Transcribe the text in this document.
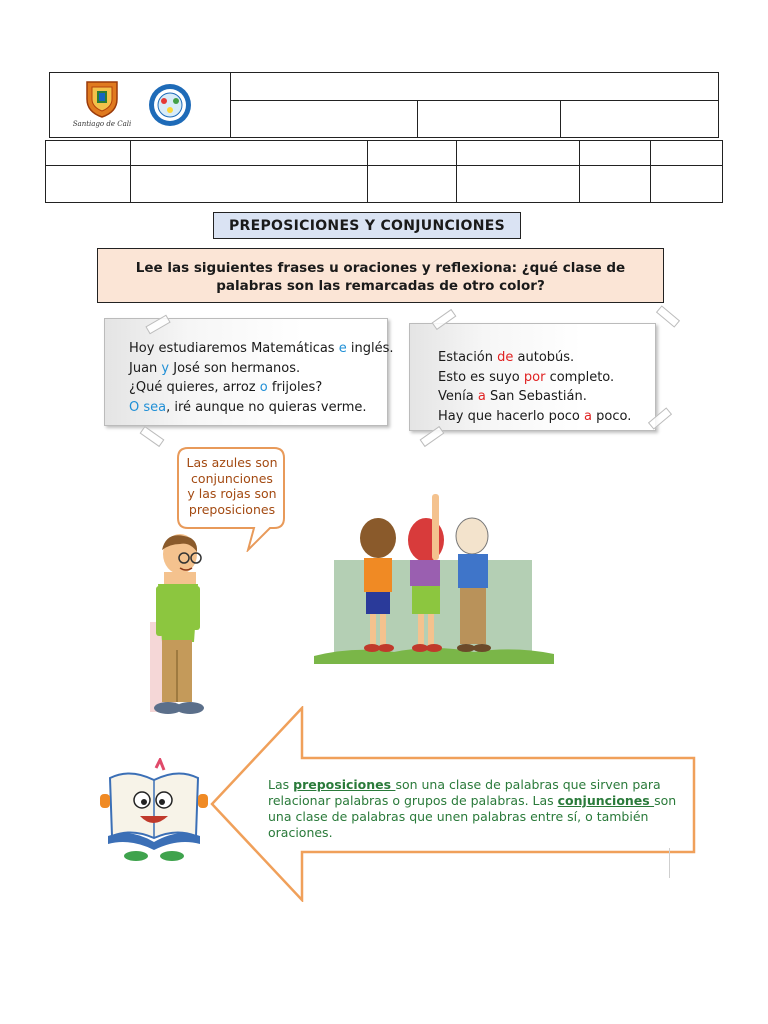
Santiago de Cali			

PREPOSICIONES Y CONJUNCIONES
Lee las siguientes frases u oraciones y reflexiona: ¿qué clase de
palabras son las remarcadas de otro color?
Hoy estudiaremos Matemáticas e inglés.
Juan y José son hermanos.
¿Qué quieres, arroz o frijoles?
O sea, iré aunque no quieras verme.
Estación de autobús.
Esto es suyo por completo.
Venía a San Sebastián.
Hay que hacerlo poco a poco.
Las azules son
conjunciones
y las rojas son
preposiciones
Las preposiciones son una clase de palabras que sirven para relacionar palabras o grupos de palabras. Las conjunciones son una clase de palabras que unen palabras entre sí, o también oraciones.
